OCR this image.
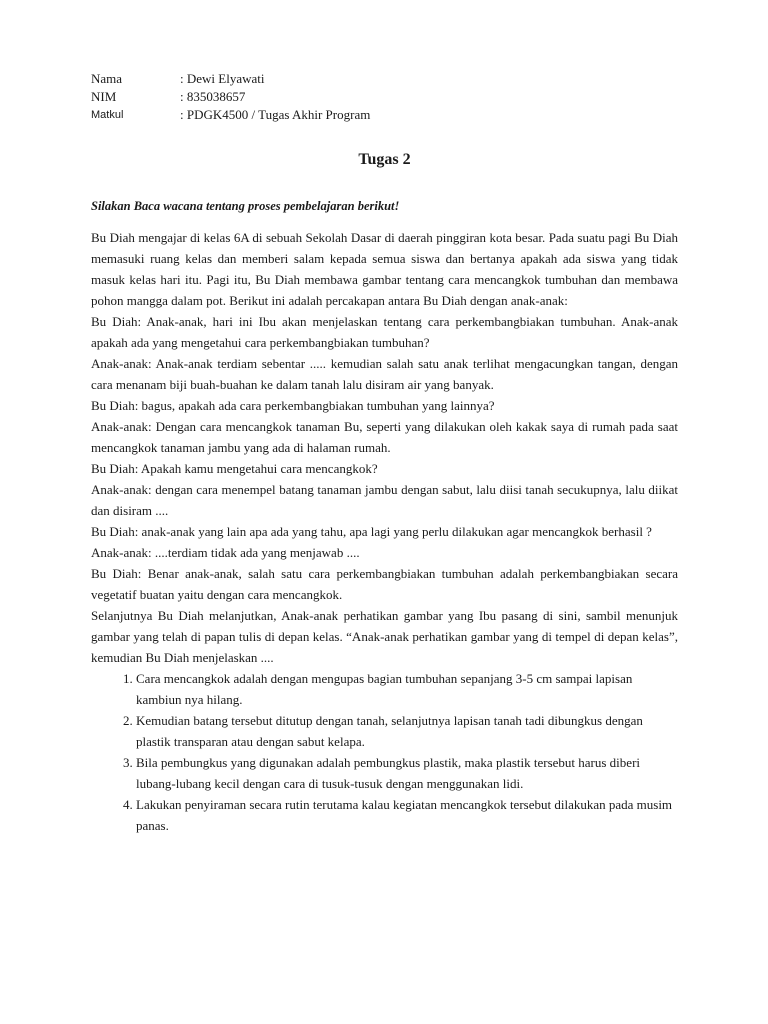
Nama	: Dewi Elyawati
NIM	: 835038657
Matkul	: PDGK4500 / Tugas Akhir Program
Tugas 2

Silakan Baca wacana tentang proses pembelajaran berikut!

Bu Diah mengajar di kelas 6A di sebuah Sekolah Dasar di daerah pinggiran kota besar. Pada suatu pagi Bu Diah memasuki ruang kelas dan memberi salam kepada semua siswa dan bertanya apakah ada siswa yang tidak masuk kelas hari itu. Pagi itu, Bu Diah membawa gambar tentang cara mencangkok tumbuhan dan membawa pohon mangga dalam pot. Berikut ini adalah percakapan antara Bu Diah dengan anak-anak:

Bu Diah: Anak-anak, hari ini Ibu akan menjelaskan tentang cara perkembangbiakan tumbuhan. Anak-anak apakah ada yang mengetahui cara perkembangbiakan tumbuhan?

Anak-anak: Anak-anak terdiam sebentar ..... kemudian salah satu anak terlihat mengacungkan tangan, dengan cara menanam biji buah-buahan ke dalam tanah lalu disiram air yang banyak.

Bu Diah: bagus, apakah ada cara perkembangbiakan tumbuhan yang lainnya?

Anak-anak: Dengan cara mencangkok tanaman Bu, seperti yang dilakukan oleh kakak saya di rumah pada saat mencangkok tanaman jambu yang ada di halaman rumah.

Bu Diah: Apakah kamu mengetahui cara mencangkok?

Anak-anak: dengan cara menempel batang tanaman jambu dengan sabut, lalu diisi tanah secukupnya, lalu diikat dan disiram ....

Bu Diah: anak-anak yang lain apa ada yang tahu, apa lagi yang perlu dilakukan agar mencangkok berhasil ?

Anak-anak: ....terdiam tidak ada yang menjawab ....

Bu Diah: Benar anak-anak, salah satu cara perkembangbiakan tumbuhan adalah perkembangbiakan secara vegetatif buatan yaitu dengan cara mencangkok.

Selanjutnya Bu Diah melanjutkan, Anak-anak perhatikan gambar yang Ibu pasang di sini, sambil menunjuk gambar yang telah di papan tulis di depan kelas. “Anak-anak perhatikan gambar yang di tempel di depan kelas”, kemudian Bu Diah menjelaskan ....

1. Cara mencangkok adalah dengan mengupas bagian tumbuhan sepanjang 3-5 cm sampai lapisan kambiun nya hilang.
2. Kemudian batang tersebut ditutup dengan tanah, selanjutnya lapisan tanah tadi dibungkus dengan plastik transparan atau dengan sabut kelapa.
3. Bila pembungkus yang digunakan adalah pembungkus plastik, maka plastik tersebut harus diberi lubang-lubang kecil dengan cara di tusuk-tusuk dengan menggunakan lidi.
4. Lakukan penyiraman secara rutin terutama kalau kegiatan mencangkok tersebut dilakukan pada musim panas.
